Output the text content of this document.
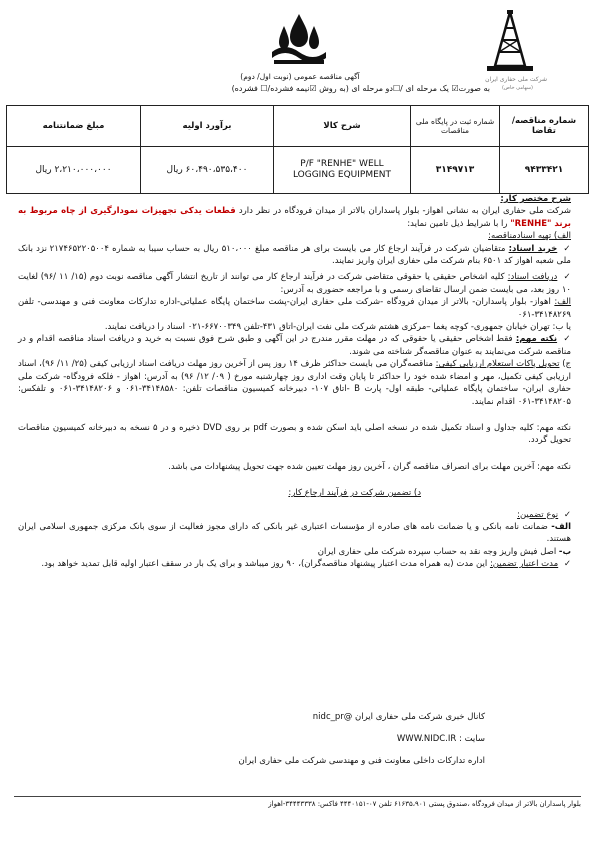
شرکت ملی حفاری ایران
(سهامی خاص)
آگهی مناقصه عمومی (نوبت اول/ دوم)
به صورت☑ یک مرحله ای /☐دو مرحله ای (به روش ☑نیمه فشرده/☐ فشرده)
شماره مناقصه/ تقاضا	شماره ثبت در پایگاه ملی مناقصات	شرح کالا	برآورد اولیه	مبلغ ضمانتنامه
۹۴۳۳۴۲۱	۳۱۴۹۷۱۳	P/F "RENHE" WELL LOGGING EQUIPMENT	۶۰،۴۹۰،۵۳۵،۴۰۰ ریال	۲،۲۱۰،۰۰۰،۰۰۰ ریال

شرح مختصر کار:

شرکت ملی حفاری ایران به نشانی اهواز- بلوار پاسداران بالاتر از میدان فرودگاه در نظر دارد قطعات یدکی تجهیزات نمودارگیری از چاه مربوط به برند "RENHE" را با شرایط ذیل تامین نماید:

الف) تهیه اسنادمناقصه:

✓ خرید اسناد: متقاضیان شرکت در فرآیند ارجاع کار می بایست برای هر مناقصه مبلغ ۵۱۰،۰۰۰ ریال به حساب سیبا به شماره ۲۱۷۴۶۵۲۲۰۵۰۰۴ نزد بانک ملی شعبه اهواز کد ۶۵۰۱ بنام شرکت ملی حفاری ایران واریز نمایند.

✓ دریافت اسناد: کلیه اشخاص حقیقی یا حقوقی متقاضی شرکت در فرآیند ارجاع کار می توانند از تاریخ انتشار آگهی مناقصه نوبت دوم (۱۵/ ۱۱ /۹۶) لغایت ۱۰ روز بعد، می بایست ضمن ارسال تقاضای رسمی و با مراجعه حضوری به آدرس:

الف: اهواز- بلوار پاسداران- بالاتر از میدان فرودگاه -شرکت ملی حفاری ایران-پشت ساختمان پایگاه عملیاتی-اداره تدارکات معاونت فنی و مهندسی- تلفن ۳۴۱۴۸۲۶۹-۰۶۱

یا ب: تهران خیابان جمهوری- کوچه یغما –مرکزی هشتم شرکت ملی نفت ایران-اتاق ۴۳۱-تلفن ۶۶۷۰۰۳۴۹-۰۲۱ اسناد را دریافت نمایند.

✓ نکته مهم: فقط اشخاص حقیقی یا حقوقی که در مهلت مقرر مندرج در این آگهی و طبق شرح فوق نسبت به خرید و دریافت اسناد مناقصه اقدام و در مناقصه شرکت می‌نمایند به عنوان مناقصه‌گر شناخته می شوند.

ج) تحویل پاکات استعلام ارزیابی کیفی: مناقصه‌گران می بایست حداکثر ظرف ۱۴ روز پس از آخرین روز مهلت دریافت اسناد ارزیابی کیفی (۲۵/ ۱۱/ ۹۶)، اسناد ارزیابی کیفی تکمیل، مهر و امضاء شده خود را حداکثر تا پایان وقت اداری روز چهارشنبه مورخ ( ۰۹/ ۱۲/ ۹۶) به آدرس: اهواز - فلکه فرودگاه- شرکت ملی حفاری ایران- ساختمان پایگاه عملیاتی- طبقه اول- پارت B -اتاق ۱۰۷- دبیرخانه کمیسیون مناقصات تلفن: ۳۴۱۴۸۵۸۰-۰۶۱ و ۳۴۱۴۸۲۰۶-۰۶۱ و تلفکس: ۳۴۱۴۸۲۰۵-۰۶۱ اقدام نمایند.

نکته مهم: کلیه جداول و اسناد تکمیل شده در نسخه اصلی باید اسکن شده و بصورت pdf بر روی DVD ذخیره و در ۵ نسخه به دبیرخانه کمیسیون مناقصات تحویل گردد.

نکته مهم: آخرین مهلت برای انصراف مناقصه گران ، آخرین روز مهلت تعیین شده جهت تحویل پیشنهادات می باشد.

د) تضمین شرکت در فرآیند ارجاع کار:

✓ نوع تضمین:

الف- ضمانت نامه بانکی و یا ضمانت نامه های صادره از مؤسسات اعتباری غیر بانکی که دارای مجوز فعالیت از سوی بانک مرکزی جمهوری اسلامی ایران هستند.

ب- اصل فیش واریز وجه نقد به حساب سپرده شرکت ملی حفاری ایران

✓ مدت اعتبار تضمین: این مدت (به همراه مدت اعتبار پیشنهاد مناقصه‌گران)، ۹۰ روز میباشد و برای یک بار در سقف اعتبار اولیه قابل تمدید خواهد بود.

کانال خبری شرکت ملی حفاری ایران @nidc_pr
سایت : WWW.NIDC.IR
اداره تدارکات داخلی معاونت فنی و مهندسی شرکت ملی حفاری ایران
بلوار پاسداران بالاتر از میدان فرودگاه ،صندوق پستی ۶۱۶۳۵،۹۰۱ تلفن ۰۷-۴۴۴۰۱۵۱ فاکس: ۳۴۴۴۳۳۳۸-اهواز
